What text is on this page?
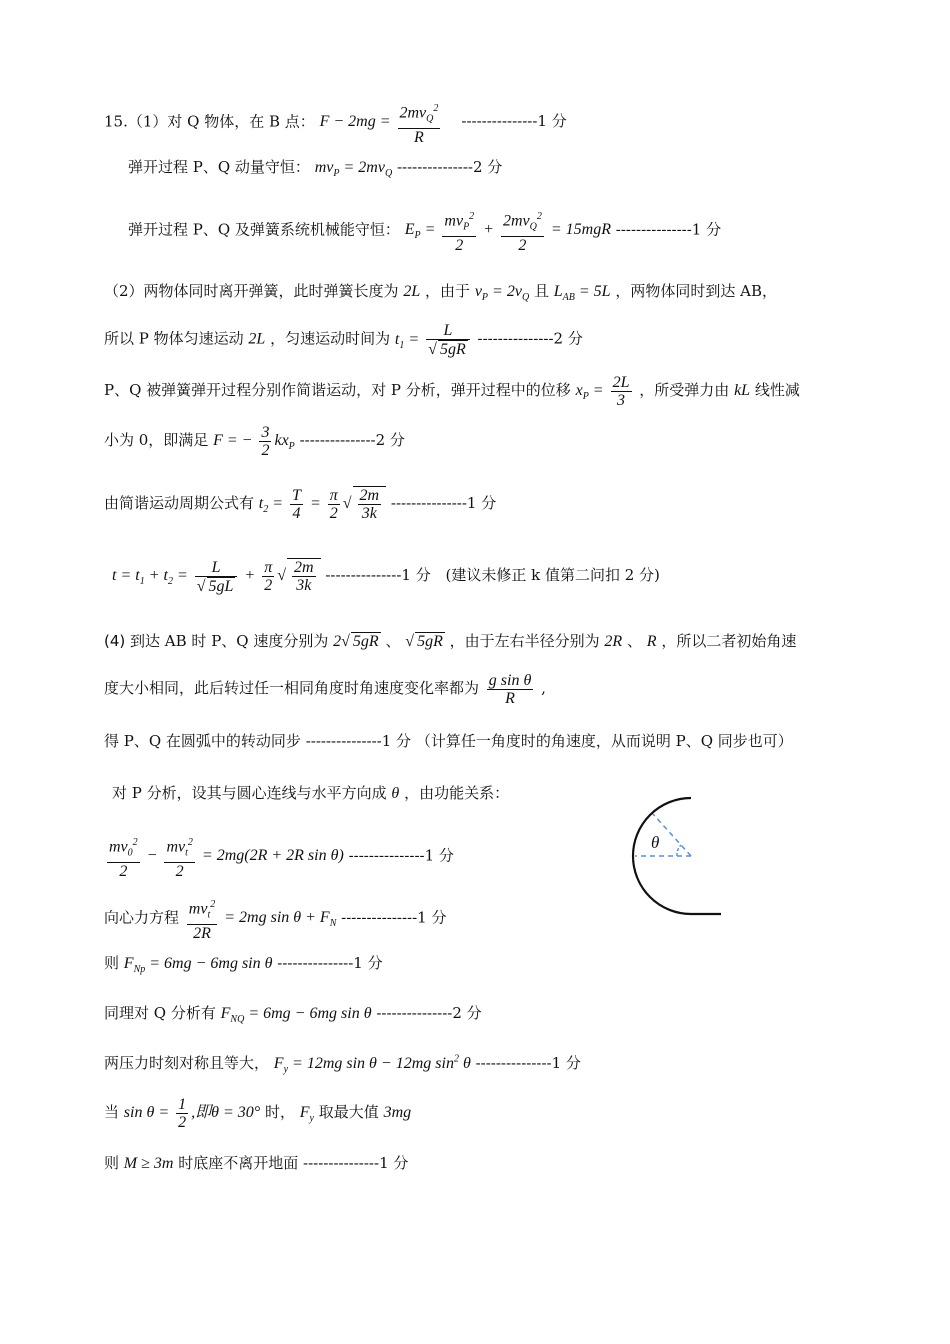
15.（1）对 Q 物体，在 B 点： $F - 2mg = \frac{2mv_Q^2}{R} ---------------1$ 分
弹开过程 P、Q 动量守恒： $mv_P = 2mv_Q$ ---------------2 分
弹开过程 P、Q 及弹簧系统机械能守恒： $E_P = \frac{mv_P^2}{2} + \frac{2mv_Q^2}{2} = 15mgR$ ---------------1 分
（2）两物体同时离开弹簧，此时弹簧长度为 2L ，由于 $v_P = 2v_Q$ 且 $L_{AB} = 5L$ ，两物体同时到达 AB，
所以 P 物体匀速运动 2L ，匀速运动时间为 $t_1 = \frac{L}{√ 5gR} ---------------2$ 分
P、Q 被弹簧弹开过程分别作简谐运动，对 P 分析，弹开过程中的位移 $x_P = \frac{2L}{3}$ ，所受弹力由 kL 线性减
小为 0，即满足 F = − $\frac{3}{2} kx_P$ ---------------2 分
由简谐运动周期公式有 $t_2 = \frac{T}{4} = \frac{\pi}{2}$ √ $\frac{2m}{3k} ---------------1$ 分
$t = t_1 + t_2 = \frac{L}{√ 5gL} + \frac{\pi}{2}$ √ $\frac{2m}{3k} ---------------1$ 分 (建议未修正 k 值第二问扣 2 分)
(4) 到达 AB 时 P、Q 速度分别为 2√ 5gR 、 √ 5gR ，由于左右半径分别为 2R 、 R ，所以二者初始角速
度大小相同，此后转过任一相同角度时角速度变化率都为 $\frac{\text{g sin θ}}{R}$ ,
得 P、Q 在圆弧中的转动同步 ---------------1 分 （计算任一角度时的角速度，从而说明 P、Q 同步也可）
对 P 分析，设其与圆心连线与水平方向成 θ ，由功能关系：
$\frac{mv_0^2}{2} - \frac{mv_t^2}{2} = 2mg(2R + 2R$ sin θ) ---------------1 分
向心力方程 $\frac{mv_t^2}{2R} = 2mg$ $\sin \theta + F_N$ ---------------1 分
则 $F_{Np} = 6mg - 6mg$ sin θ ---------------1 分
同理对 Q 分析有 $F_{NQ} = 6mg - 6mg$ sin θ ---------------2 分
两压力时刻对称且等大， $F_y = 12mg$ sin θ − 12mg $\sin^2 \theta$ ---------------1 分
当 $\sin \theta = \frac{1}{2}$ ,即θ = 30° 时， $F_y$ 取最大值 3mg
则 M ≥ 3m 时底座不离开地面 ---------------1 分
θ
